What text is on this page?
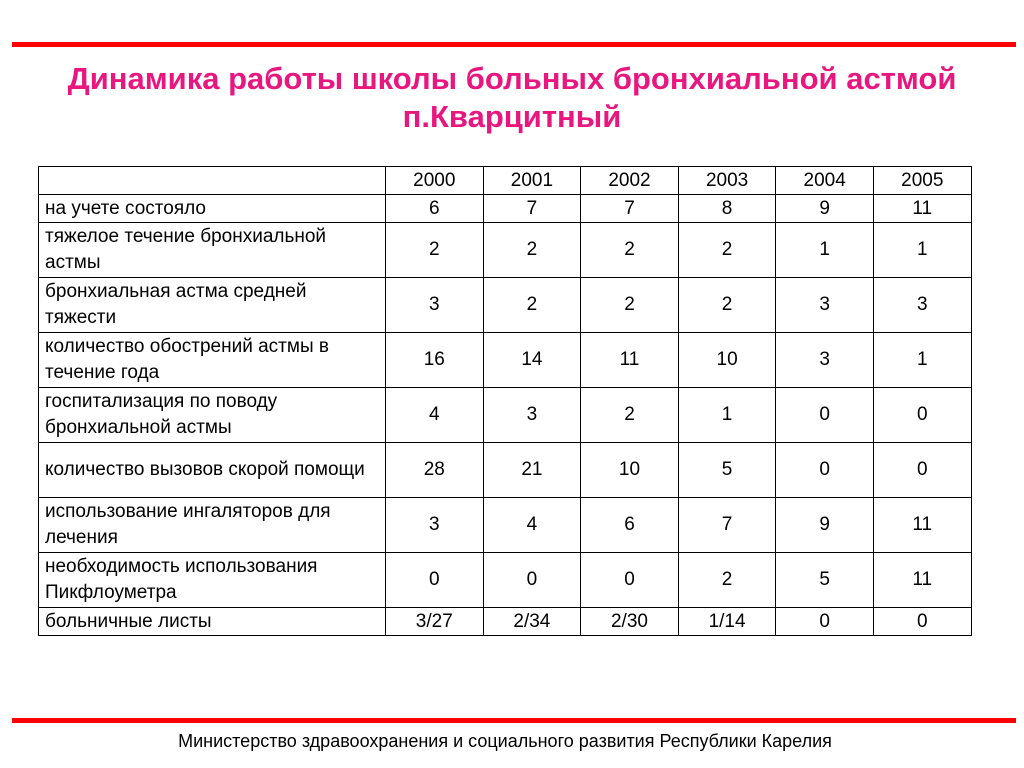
Динамика работы школы больных бронхиальной астмой
п.Кварцитный
	2000	2001	2002	2003	2004	2005
на учете состояло	6	7	7	8	9	11
тяжелое течение бронхиальной астмы	2	2	2	2	1	1
бронхиальная астма средней тяжести	3	2	2	2	3	3
количество обострений астмы в течение года	16	14	11	10	3	1
госпитализация по поводу бронхиальной астмы	4	3	2	1	0	0
количество вызовов скорой помощи	28	21	10	5	0	0
использование ингаляторов для лечения	3	4	6	7	9	11
необходимость использования Пикфлоуметра	0	0	0	2	5	11
больничные листы	3/27	2/34	2/30	1/14	0	0
Министерство здравоохранения и социального развития Республики Карелия
